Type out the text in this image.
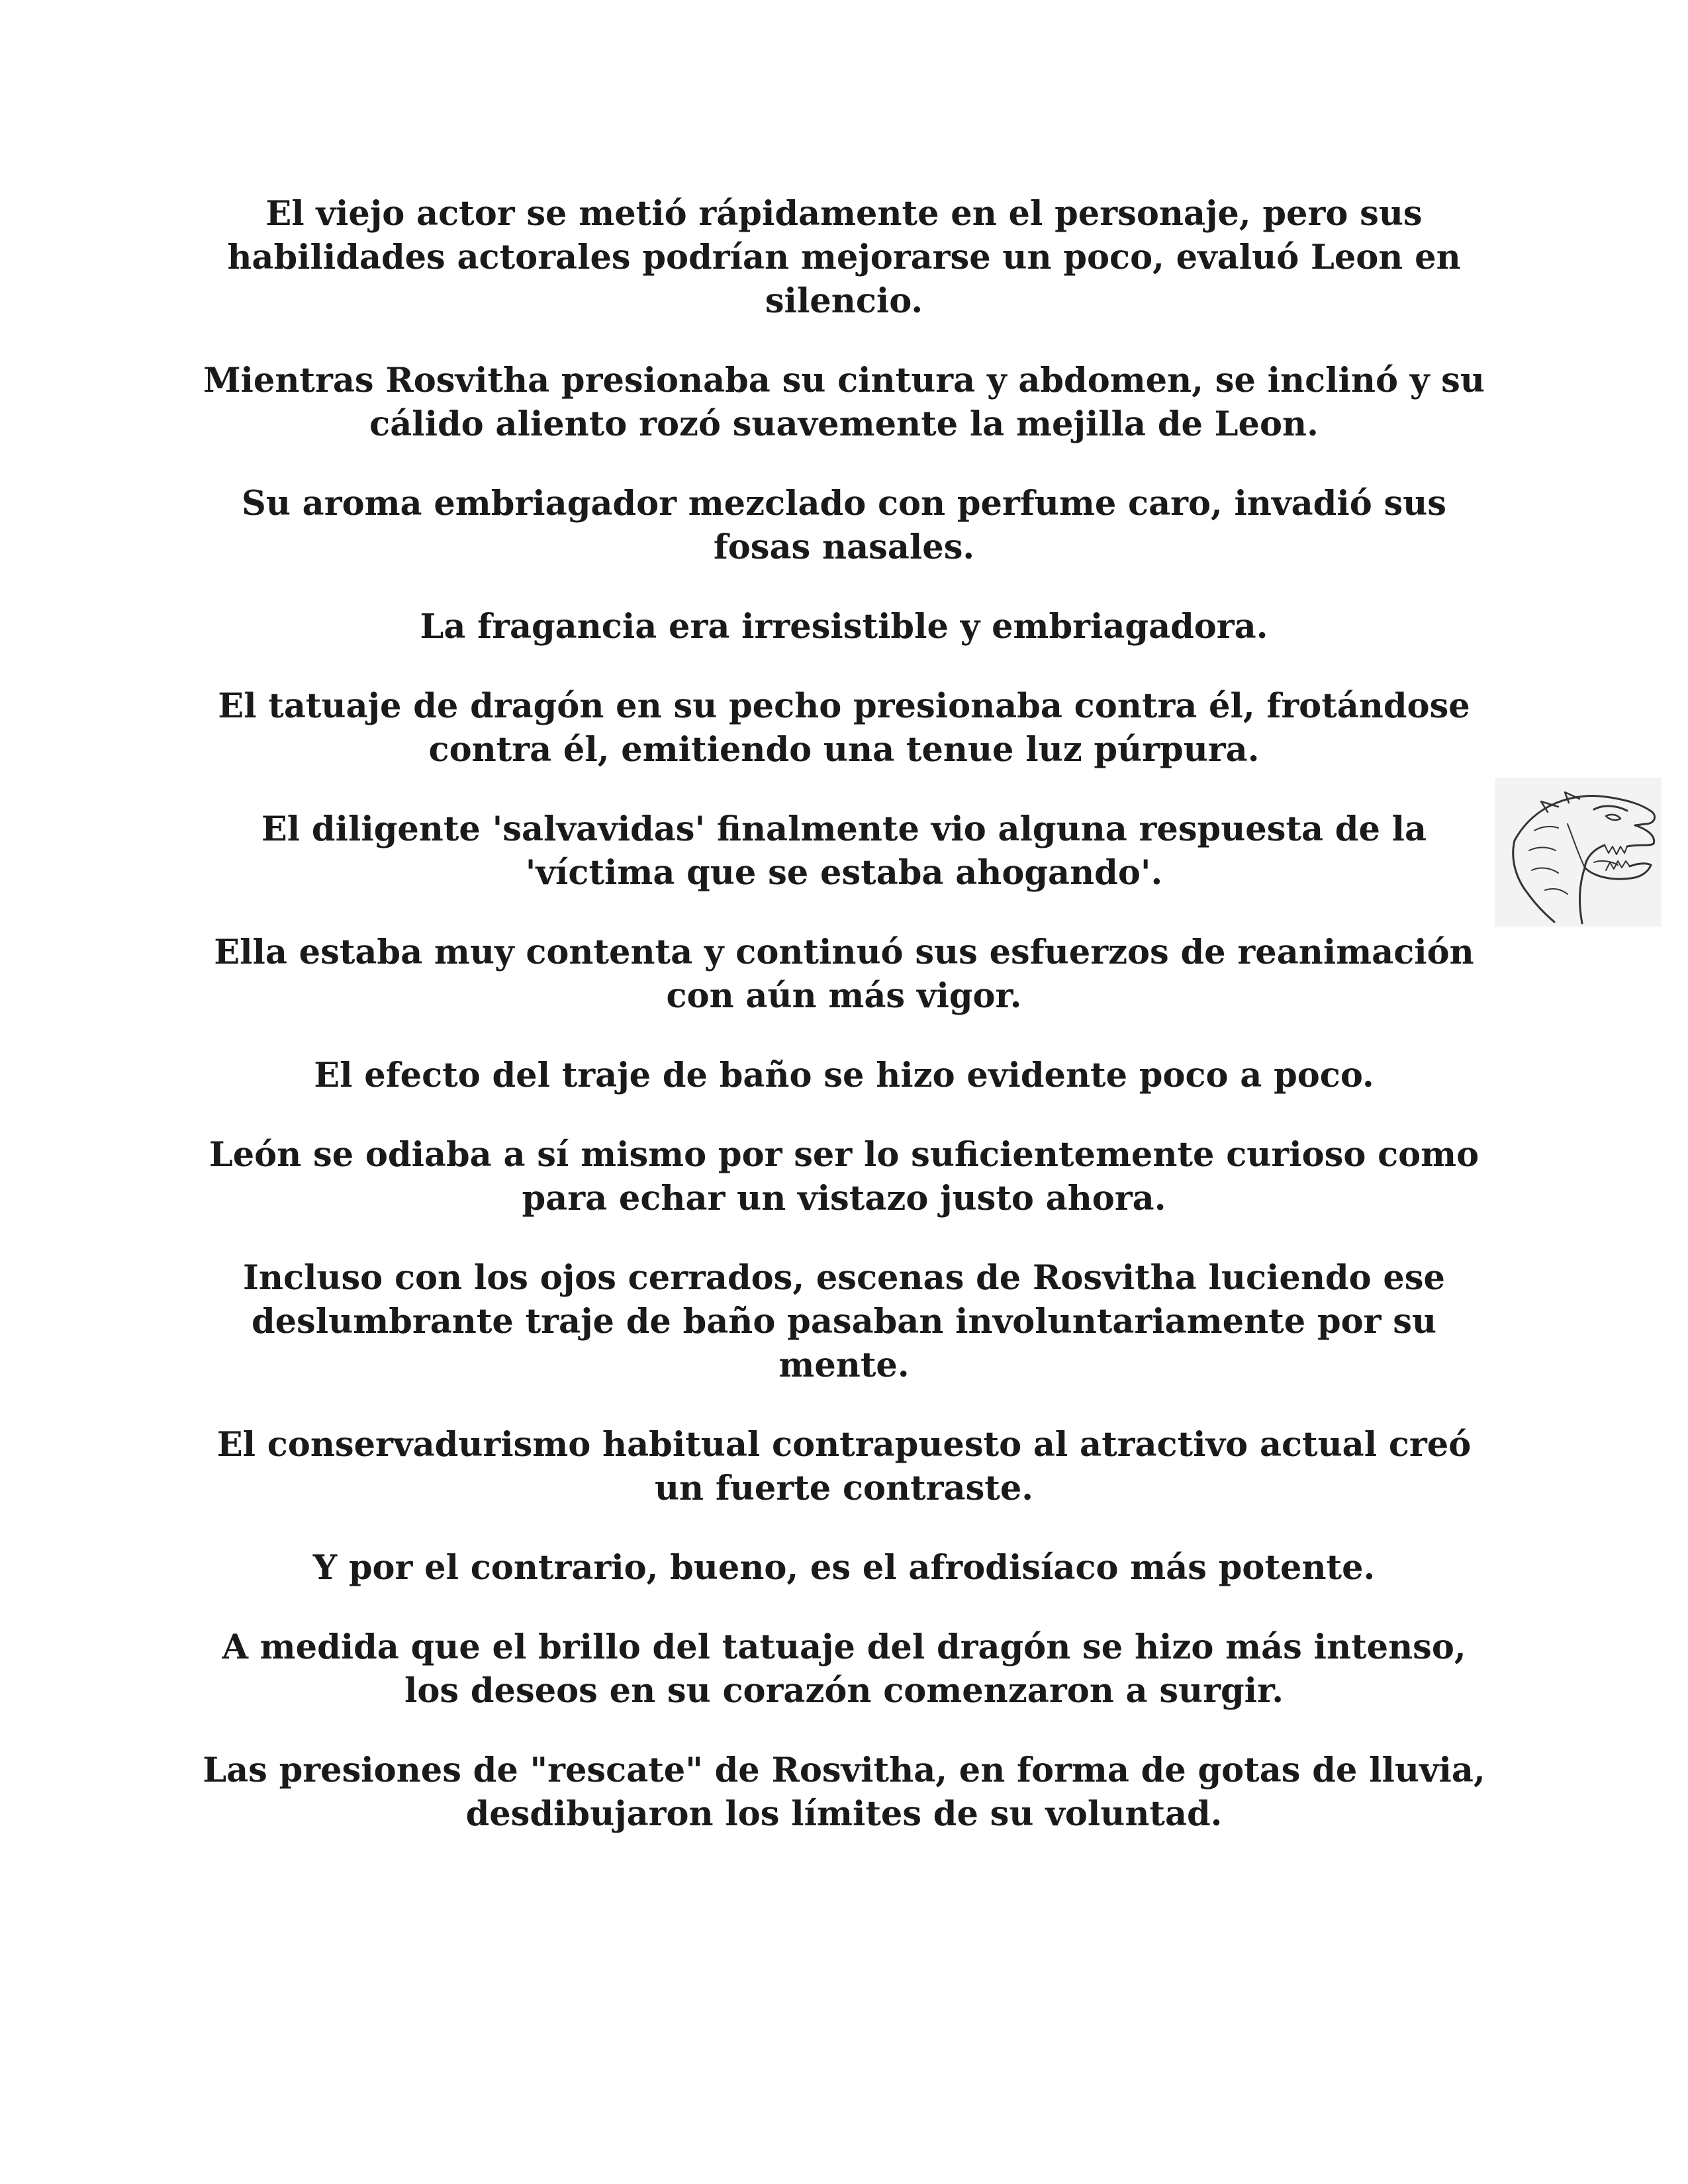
El viejo actor se metió rápidamente en el personaje, pero sus habilidades actorales podrían mejorarse un poco, evaluó Leon en silencio.

Mientras Rosvitha presionaba su cintura y abdomen, se inclinó y su cálido aliento rozó suavemente la mejilla de Leon.

Su aroma embriagador mezclado con perfume caro, invadió sus fosas nasales.

La fragancia era irresistible y embriagadora.

El tatuaje de dragón en su pecho presionaba contra él, frotándose contra él, emitiendo una tenue luz púrpura.

El diligente 'salvavidas' finalmente vio alguna respuesta de la 'víctima que se estaba ahogando'.

Ella estaba muy contenta y continuó sus esfuerzos de reanimación con aún más vigor.

El efecto del traje de baño se hizo evidente poco a poco.

León se odiaba a sí mismo por ser lo suficientemente curioso como para echar un vistazo justo ahora.

Incluso con los ojos cerrados, escenas de Rosvitha luciendo ese deslumbrante traje de baño pasaban involuntariamente por su mente.

El conservadurismo habitual contrapuesto al atractivo actual creó un fuerte contraste.

Y por el contrario, bueno, es el afrodisíaco más potente.

A medida que el brillo del tatuaje del dragón se hizo más intenso, los deseos en su corazón comenzaron a surgir.

Las presiones de "rescate" de Rosvitha, en forma de gotas de lluvia, desdibujaron los límites de su voluntad.
